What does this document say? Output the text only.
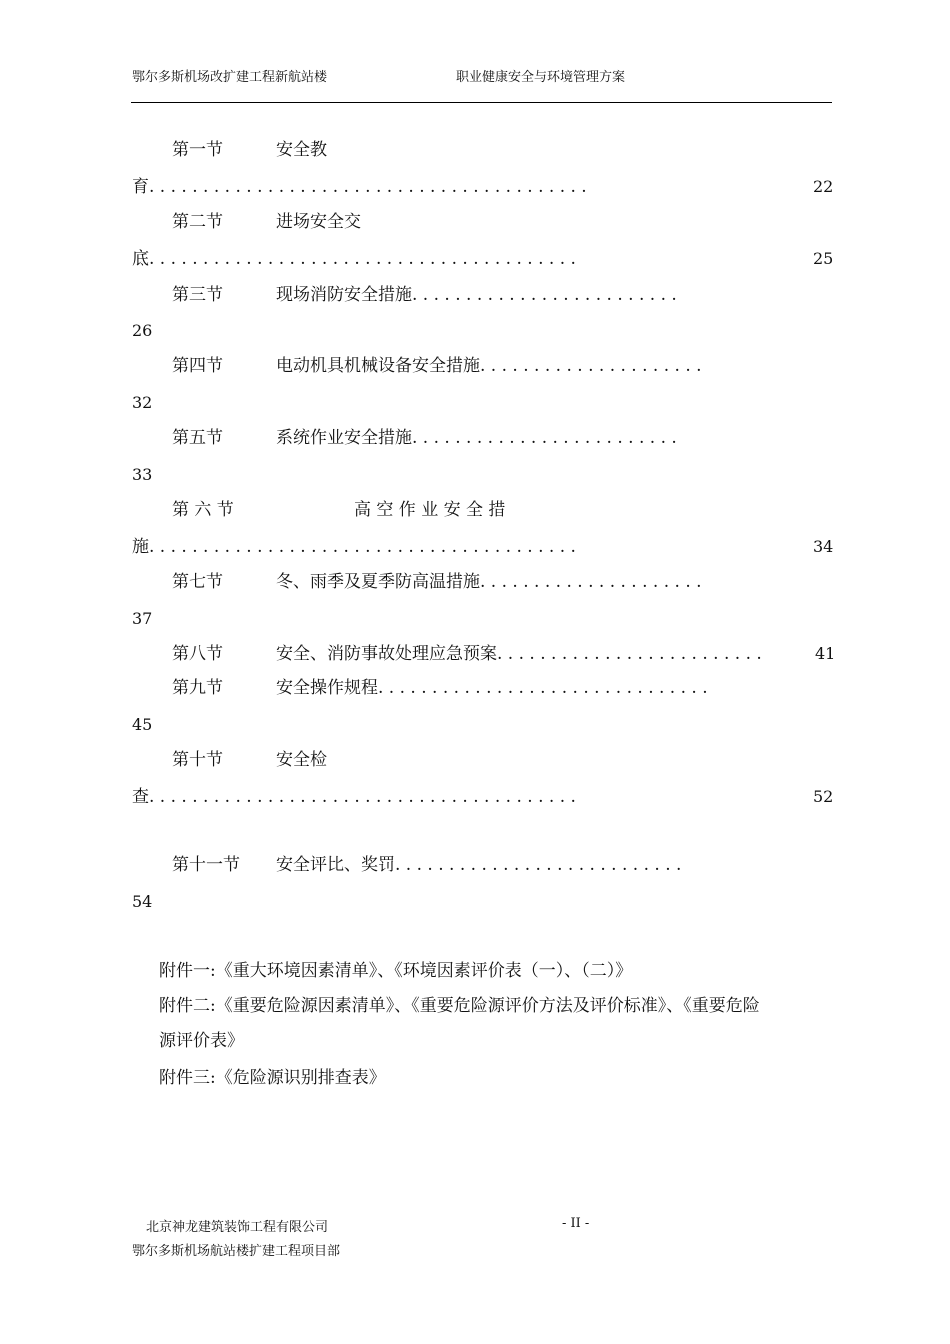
鄂尔多斯机场改扩建工程新航站楼	职业健康安全与环境管理方案
第一节	安全教
育. . . . . . . . . . . . . . . . . . . . . . . . . . . . . . . . . . . . . . . . .	22
第二节	进场安全交
底. . . . . . . . . . . . . . . . . . . . . . . . . . . . . . . . . . . . . . . .	25
第三节	现场消防安全措施. . . . . . . . . . . . . . . . . . . . . . . . .
26
第四节	电动机具机械设备安全措施. . . . . . . . . . . . . . . . . . . . .
32
第五节	系统作业安全措施. . . . . . . . . . . . . . . . . . . . . . . . .
33
第 六 节	高 空 作 业 安 全 措
施. . . . . . . . . . . . . . . . . . . . . . . . . . . . . . . . . . . . . . . .	34
第七节	冬、雨季及夏季防高温措施. . . . . . . . . . . . . . . . . . . . .
37
第八节	安全、消防事故处理应急预案. . . . . . . . . . . . . . . . . . . . . . . . .	41
第九节	安全操作规程. . . . . . . . . . . . . . . . . . . . . . . . . . . . . . .
45
第十节	安全检
查. . . . . . . . . . . . . . . . . . . . . . . . . . . . . . . . . . . . . . . .	52
第十一节 安全评比、奖罚. . . . . . . . . . . . . . . . . . . . . . . . . . .
54
附件一:《重大环境因素清单》、《环境因素评价表（一）、（二）》
附件二:《重要危险源因素清单》、《重要危险源评价方法及评价标准》、《重要危险
源评价表》
附件三:《危险源识别排查表》
北京神龙建筑装饰工程有限公司	- II -
鄂尔多斯机场航站楼扩建工程项目部
